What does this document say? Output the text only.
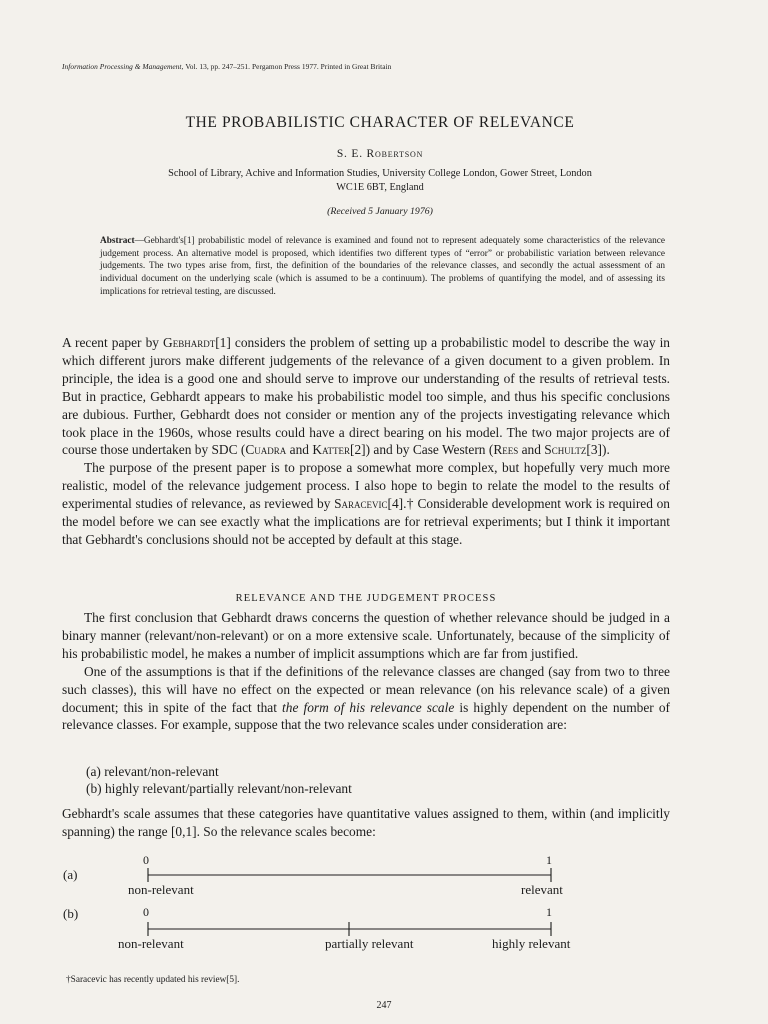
Information Processing & Management, Vol. 13, pp. 247–251. Pergamon Press 1977. Printed in Great Britain
THE PROBABILISTIC CHARACTER OF RELEVANCE
S. E. Robertson
School of Library, Achive and Information Studies, University College London, Gower Street, London
WC1E 6BT, England
(Received 5 January 1976)
Abstract—Gebhardt's[1] probabilistic model of relevance is examined and found not to represent adequately some characteristics of the relevance judgement process. An alternative model is proposed, which identifies two different types of “error” or probabilistic variation between relevance judgements. The two types arise from, first, the definition of the boundaries of the relevance classes, and secondly the actual assessment of an individual document on the underlying scale (which is assumed to be a continuum). The problems of quantifying the model, and of assessing its implications for retrieval testing, are discussed.

A recent paper by Gebhardt[1] considers the problem of setting up a probabilistic model to describe the way in which different jurors make different judgements of the relevance of a given document to a given problem. In principle, the idea is a good one and should serve to improve our understanding of the results of retrieval tests. But in practice, Gebhardt appears to make his probabilistic model too simple, and thus his specific conclusions are dubious. Further, Gebhardt does not consider or mention any of the projects investigating relevance which took place in the 1960s, whose results could have a direct bearing on his model. The two major projects are of course those undertaken by SDC (Cuadra and Katter[2]) and by Case Western (Rees and Schultz[3]).

The purpose of the present paper is to propose a somewhat more complex, but hopefully very much more realistic, model of the relevance judgement process. I also hope to begin to relate the model to the results of experimental studies of relevance, as reviewed by Saracevic[4].† Considerable development work is required on the model before we can see exactly what the implications are for retrieval experiments; but I think it important that Gebhardt's conclusions should not be accepted by default at this stage.

RELEVANCE AND THE JUDGEMENT PROCESS

The first conclusion that Gebhardt draws concerns the question of whether relevance should be judged in a binary manner (relevant/non-relevant) or on a more extensive scale. Unfortunately, because of the simplicity of his probabilistic model, he makes a number of implicit assumptions which are far from justified.

One of the assumptions is that if the definitions of the relevance classes are changed (say from two to three such classes), this will have no effect on the expected or mean relevance (on his relevance scale) of a given document; this in spite of the fact that the form of his relevance scale is highly dependent on the number of relevance classes. For example, suppose that the two relevance scales under consideration are:

(a) relevant/non-relevant
(b) highly relevant/partially relevant/non-relevant

Gebhardt's scale assumes that these categories have quantitative values assigned to them, within (and implicitly spanning) the range [0,1]. So the relevance scales become:

(a)
0	1
non-relevant	relevant
(b)	0	1
non-relevant	partially relevant	highly relevant
†Saracevic has recently updated his review[5].
247
